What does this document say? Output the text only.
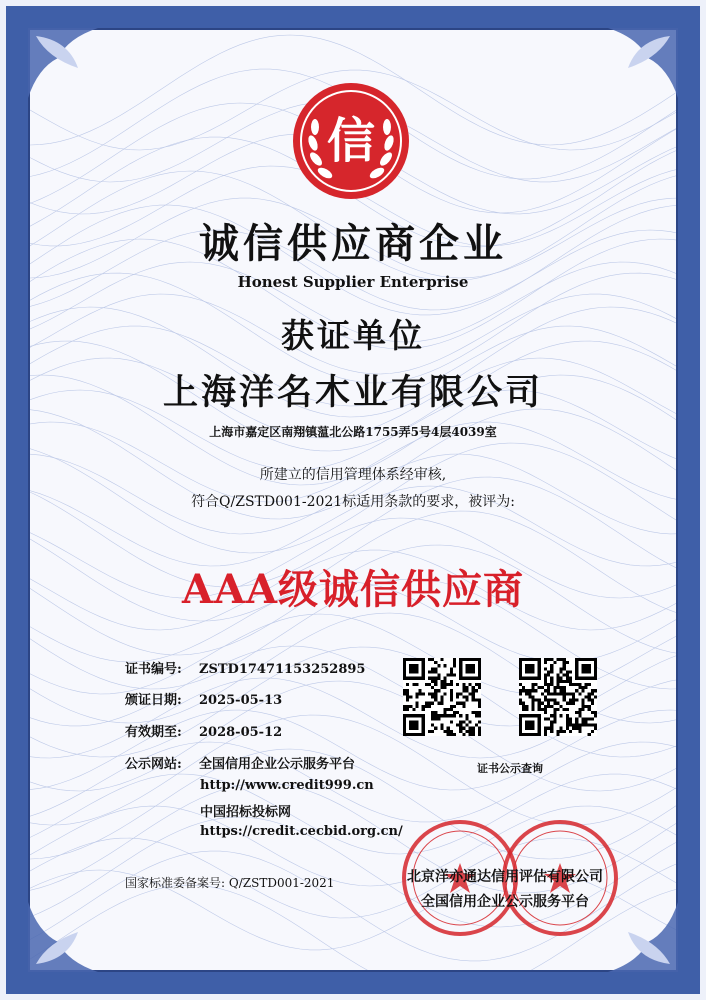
信
诚信供应商企业
Honest Supplier Enterprise
获证单位
上海洋名木业有限公司
上海市嘉定区南翔镇蕰北公路1755弄5号4层4039室
所建立的信用管理体系经审核,
符合Q/ZSTD001-2021标适用条款的要求，被评为:
AAA级诚信供应商
证书编号: ZSTD17471153252895
颁证日期: 2025-05-13
有效期至: 2028-05-12
公示网站: 全国信用企业公示服务平台
http://www.credit999.cn
中国招标投标网
https://credit.cecbid.org.cn/
证书公示查询
国家标准委备案号: Q/ZSTD001-2021	北京洋亦通达信用评估有限公司
全国信用企业公示服务平台
